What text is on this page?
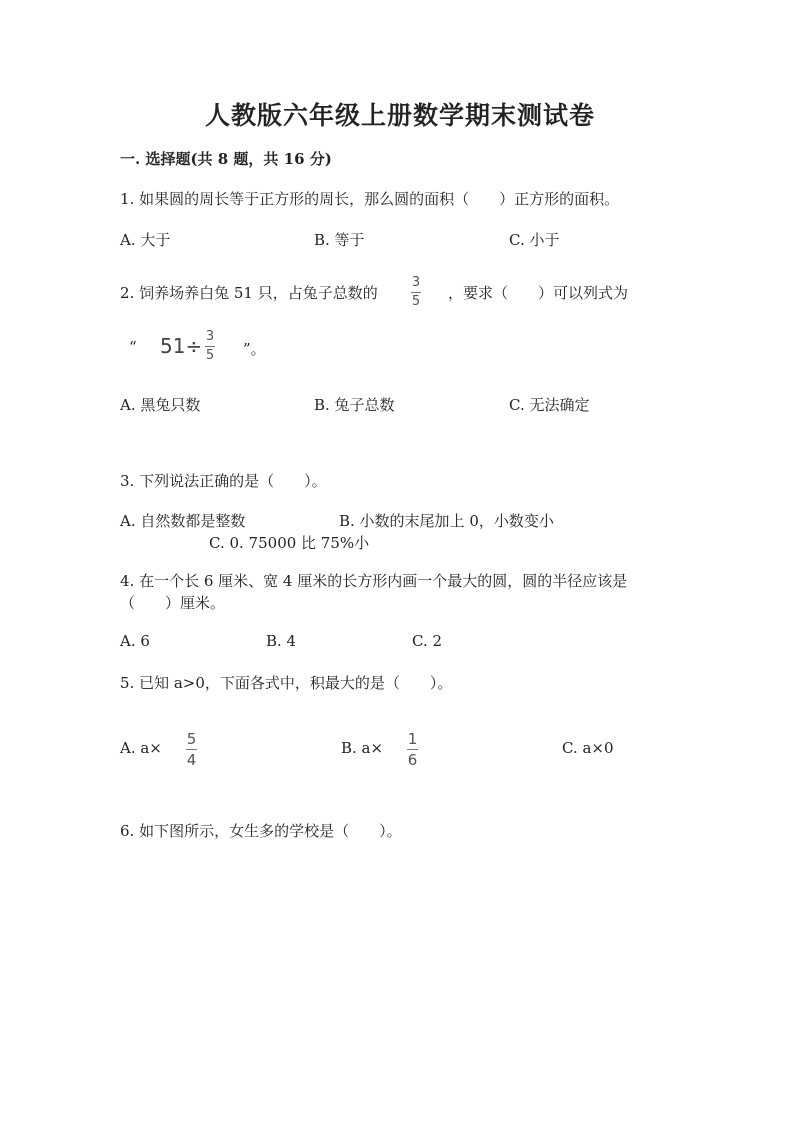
人教版六年级上册数学期末测试卷
一. 选择题(共 8 题，共 16 分)
1. 如果圆的周长等于正方形的周长，那么圆的面积（　　）正方形的面积。
A. 大于	B. 等于	C. 小于
2. 饲养场养白兔 51 只，占兔子总数的
3
5 ，要求（　　）可以列式为
“ 51÷ 3
5 ”。
A. 黑兔只数	B. 兔子总数	C. 无法确定
3. 下列说法正确的是（　　）。
A. 自然数都是整数	B. 小数的末尾加上 0，小数变小
C. 0. 75000 比 75%小
4. 在一个长 6 厘米、宽 4 厘米的长方形内画一个最大的圆，圆的半径应该是
（　　）厘米。
A. 6	B. 4	C. 2
5. 已知 a>0，下面各式中，积最大的是（　　）。
A. a× 5
4
B. a× 1
6
C. a×0
6. 如下图所示，女生多的学校是（　　）。
